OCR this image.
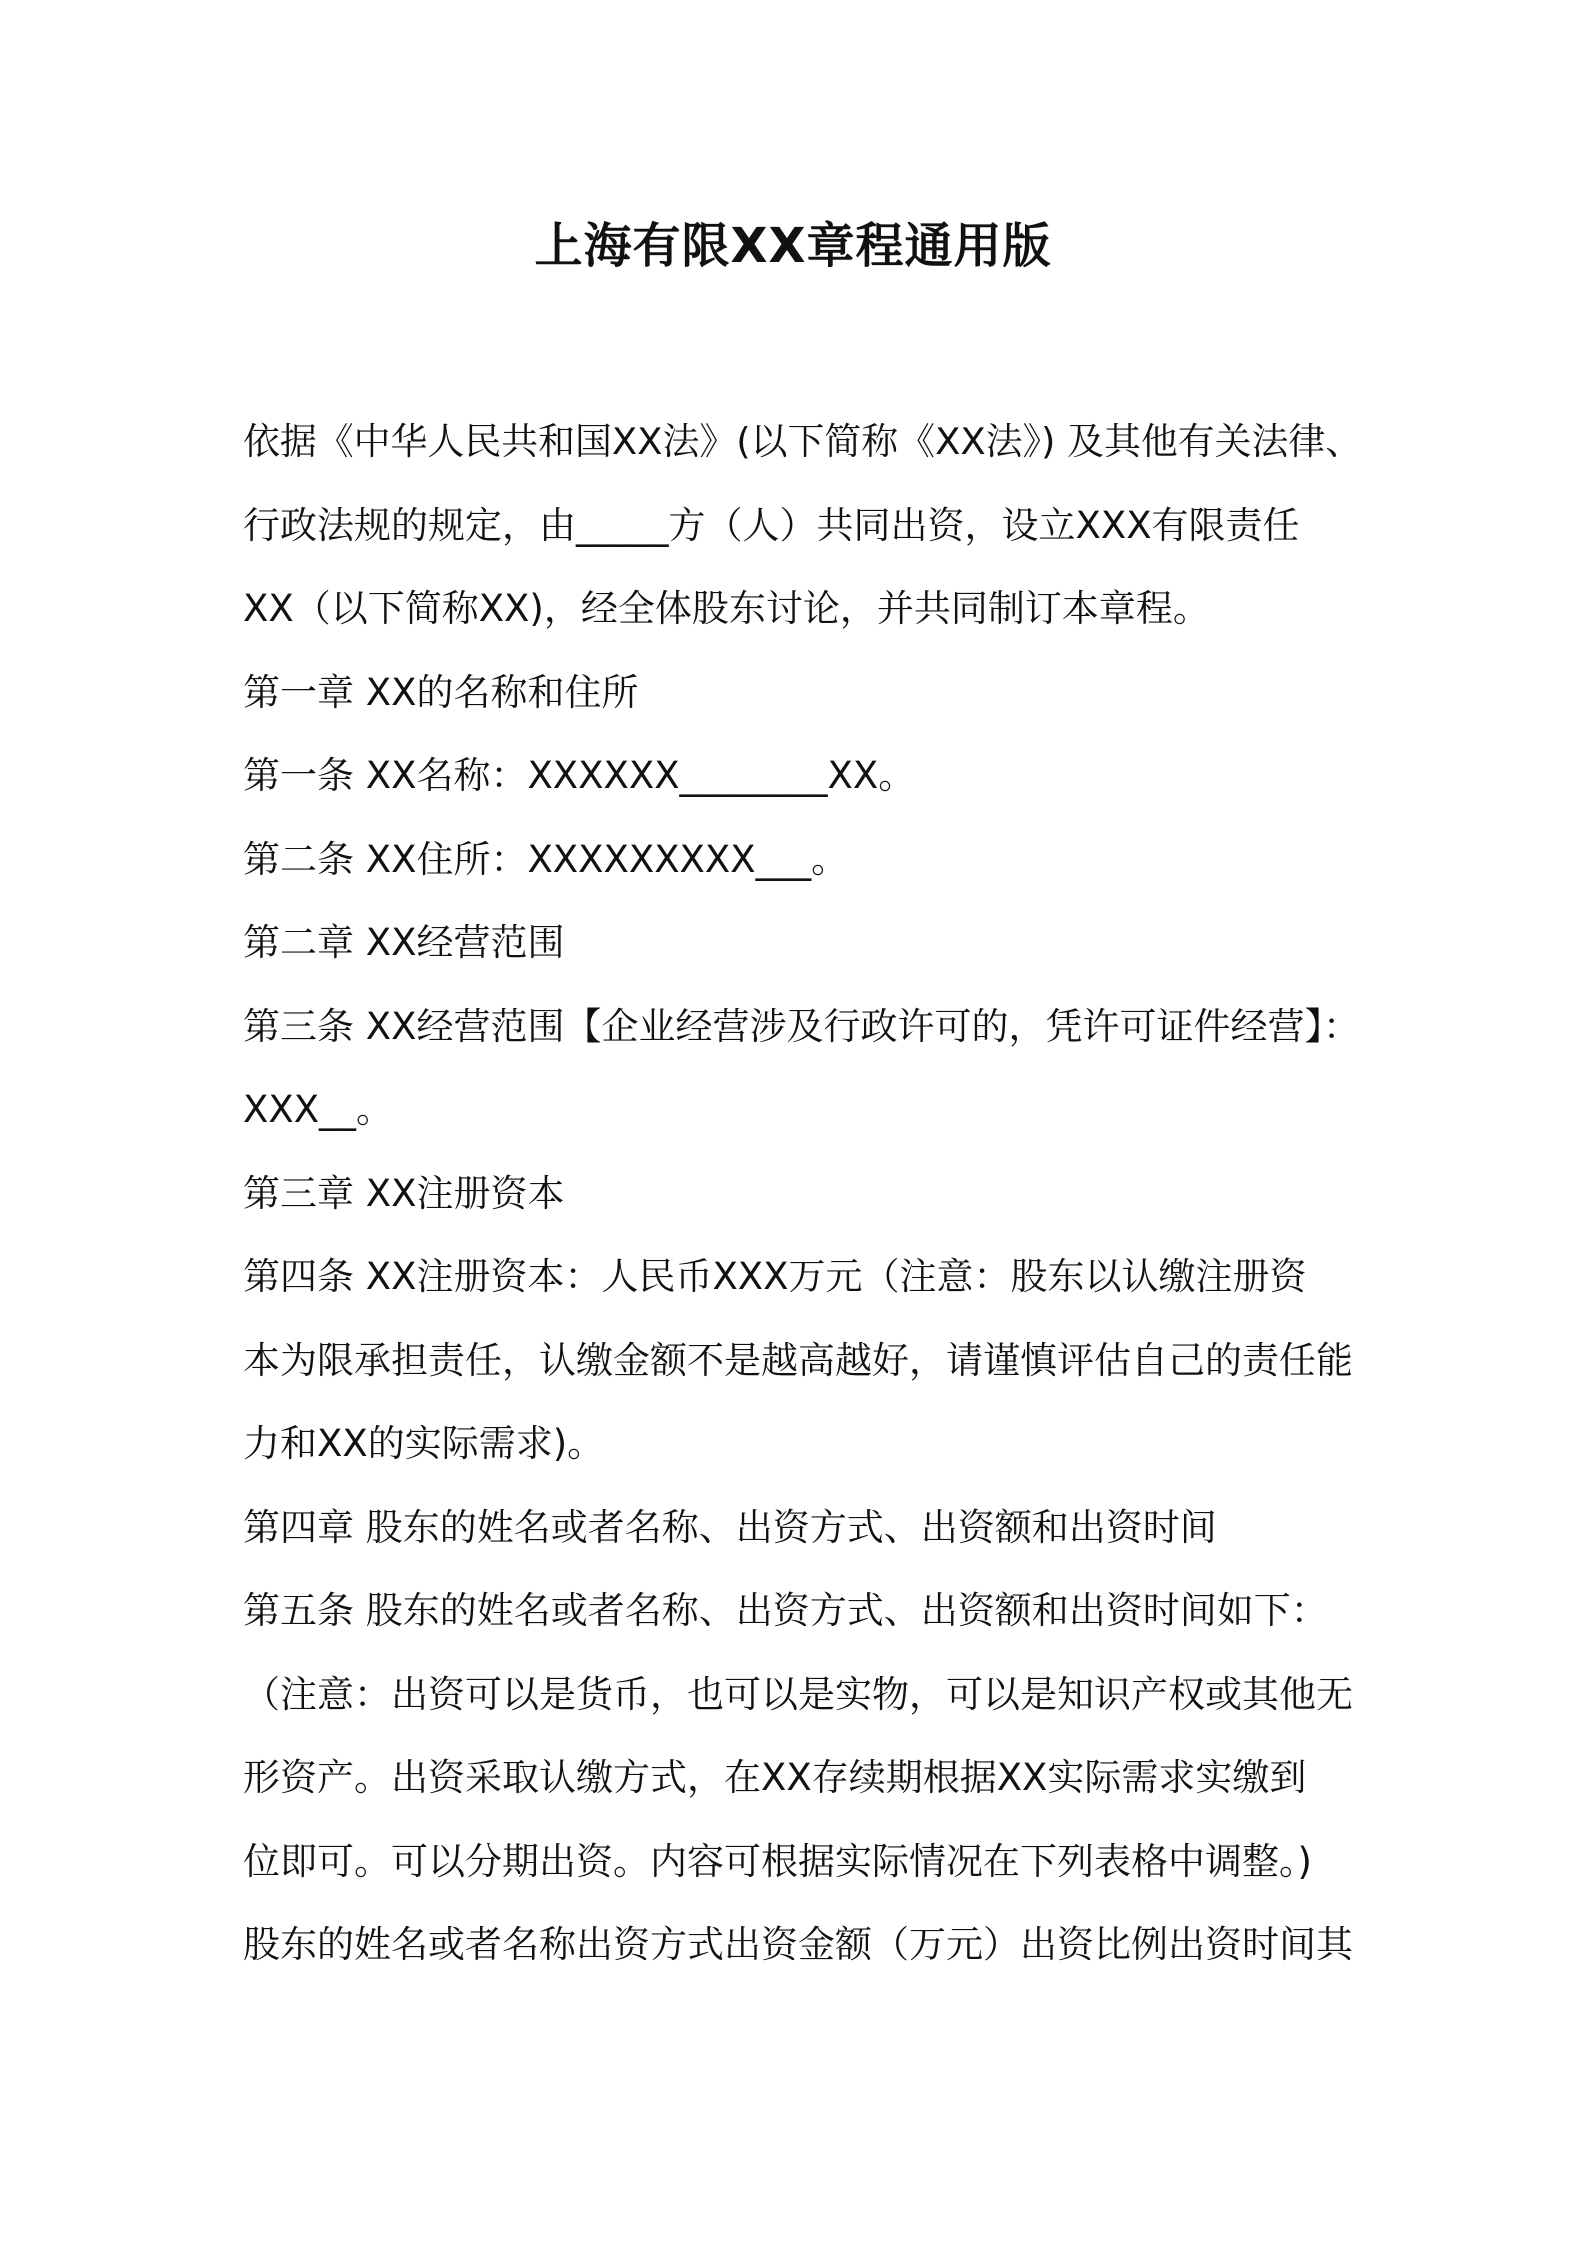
上海有限XX章程通用版
依据《中华人民共和国XX法》(以下简称《XX法》) 及其他有关法律、
行政法规的规定，由_____方（人）共同出资，设立XXX有限责任
XX（以下简称XX)，经全体股东讨论，并共同制订本章程。
第一章 XX的名称和住所
第一条 XX名称：XXXXXX________XX。
第二条 XX住所：XXXXXXXXX___。
第二章 XX经营范围
第三条 XX经营范围【企业经营涉及行政许可的，凭许可证件经营】：
XXX__。
第三章 XX注册资本
第四条 XX注册资本：人民币XXX万元（注意：股东以认缴注册资
本为限承担责任，认缴金额不是越高越好，请谨慎评估自己的责任能
力和XX的实际需求)。
第四章 股东的姓名或者名称、出资方式、出资额和出资时间
第五条 股东的姓名或者名称、出资方式、出资额和出资时间如下：
（注意：出资可以是货币，也可以是实物，可以是知识产权或其他无
形资产。出资采取认缴方式，在XX存续期根据XX实际需求实缴到
位即可。可以分期出资。内容可根据实际情况在下列表格中调整。)
股东的姓名或者名称出资方式出资金额（万元）出资比例出资时间其
